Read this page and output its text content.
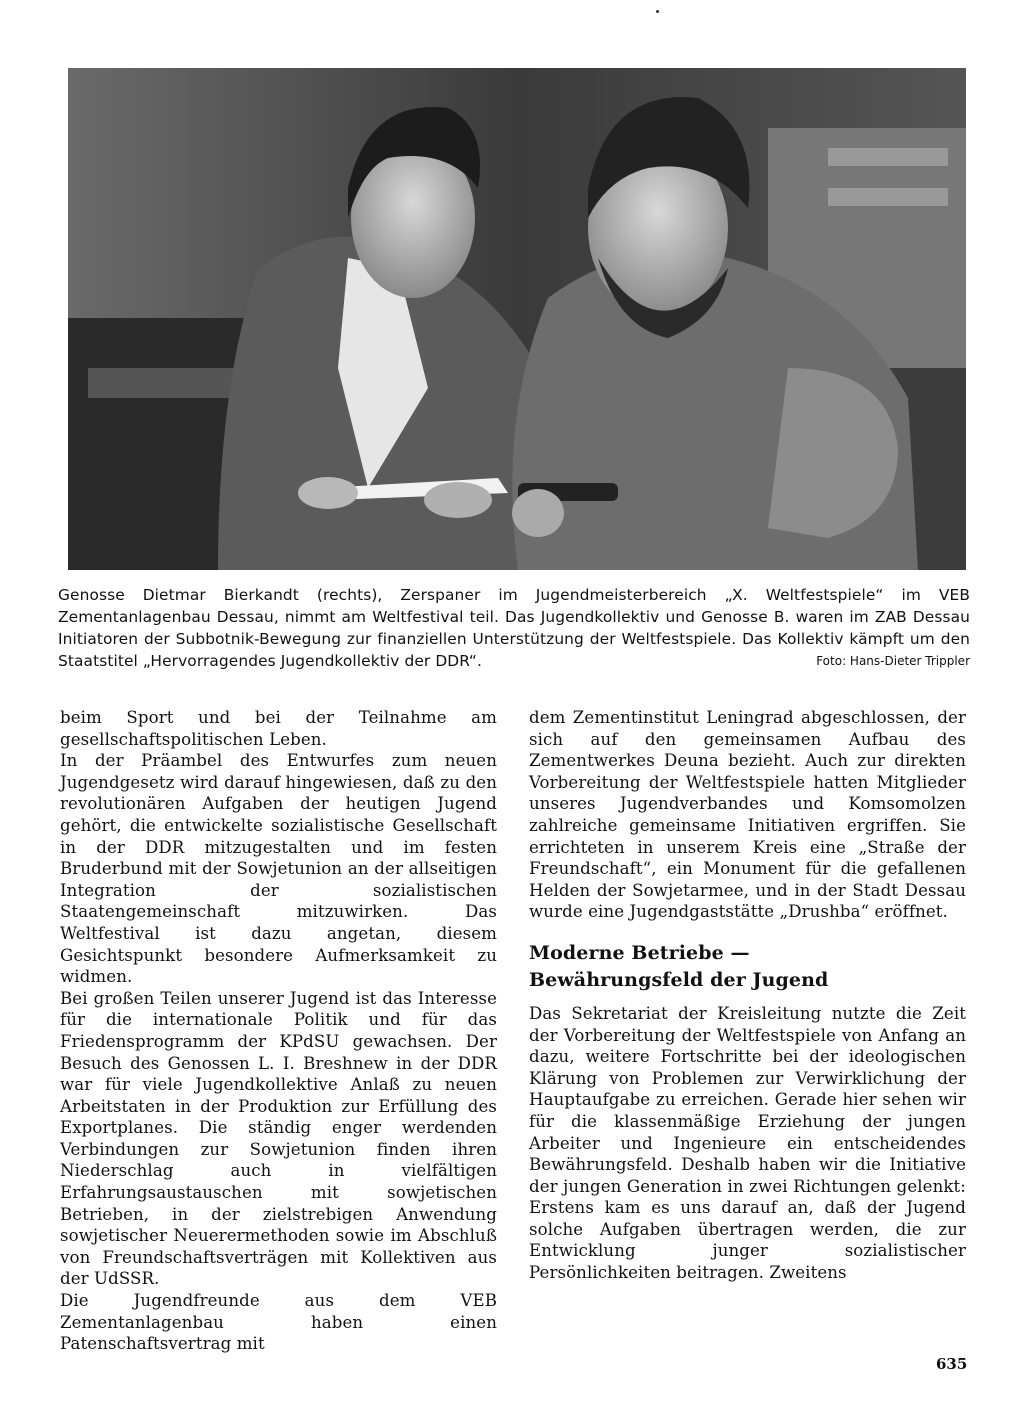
Genosse Dietmar Bierkandt (rechts), Zerspaner im Jugendmeisterbereich „X. Weltfestspiele“ im VEB Zementanlagenbau Dessau, nimmt am Weltfestival teil. Das Jugendkollektiv und Genosse B. waren im ZAB Dessau Initiatoren der Subbotnik-Bewegung zur finanziellen Unterstützung der Weltfestspiele. Das Kollektiv kämpft um den Staatstitel „Hervorragendes Jugendkollektiv der DDR“.	Foto: Hans-Dieter Trippler

beim Sport und bei der Teilnahme am gesellschaftspolitischen Leben.

In der Präambel des Entwurfes zum neuen Jugendgesetz wird darauf hingewiesen, daß zu den revolutionären Aufgaben der heutigen Jugend gehört, die entwickelte sozialistische Gesellschaft in der DDR mitzugestalten und im festen Bruderbund mit der Sowjetunion an der allseitigen Integration der sozialistischen Staatengemeinschaft mitzuwirken. Das Weltfestival ist dazu angetan, diesem Gesichtspunkt besondere Aufmerksamkeit zu widmen.

Bei großen Teilen unserer Jugend ist das Interesse für die internationale Politik und für das Friedensprogramm der KPdSU gewachsen. Der Besuch des Genossen L. I. Breshnew in der DDR war für viele Jugendkollektive Anlaß zu neuen Arbeitstaten in der Produktion zur Erfüllung des Exportplanes. Die ständig enger werdenden Verbindungen zur Sowjetunion finden ihren Niederschlag auch in vielfältigen Erfahrungsaustauschen mit sowjetischen Betrieben, in der zielstrebigen Anwendung sowjetischer Neuerermethoden sowie im Abschluß von Freundschaftsverträgen mit Kollektiven aus der UdSSR.

Die Jugendfreunde aus dem VEB Zementanlagenbau haben einen Patenschaftsvertrag mit

dem Zementinstitut Leningrad abgeschlossen, der sich auf den gemeinsamen Aufbau des Zementwerkes Deuna bezieht. Auch zur direkten Vorbereitung der Weltfestspiele hatten Mitglieder unseres Jugendverbandes und Komsomolzen zahlreiche gemeinsame Initiativen ergriffen. Sie errichteten in unserem Kreis eine „Straße der Freundschaft“, ein Monument für die gefallenen Helden der Sowjetarmee, und in der Stadt Dessau wurde eine Jugendgaststätte „Drushba“ eröffnet.

Moderne Betriebe —
Bewährungsfeld der Jugend

Das Sekretariat der Kreisleitung nutzte die Zeit der Vorbereitung der Weltfestspiele von Anfang an dazu, weitere Fortschritte bei der ideologischen Klärung von Problemen zur Verwirklichung der Hauptaufgabe zu erreichen. Gerade hier sehen wir für die klassenmäßige Erziehung der jungen Arbeiter und Ingenieure ein entscheidendes Bewährungsfeld. Deshalb haben wir die Initiative der jungen Generation in zwei Richtungen gelenkt: Erstens kam es uns darauf an, daß der Jugend solche Aufgaben übertragen werden, die zur Entwicklung junger sozialistischer Persönlichkeiten beitragen. Zweitens

635
